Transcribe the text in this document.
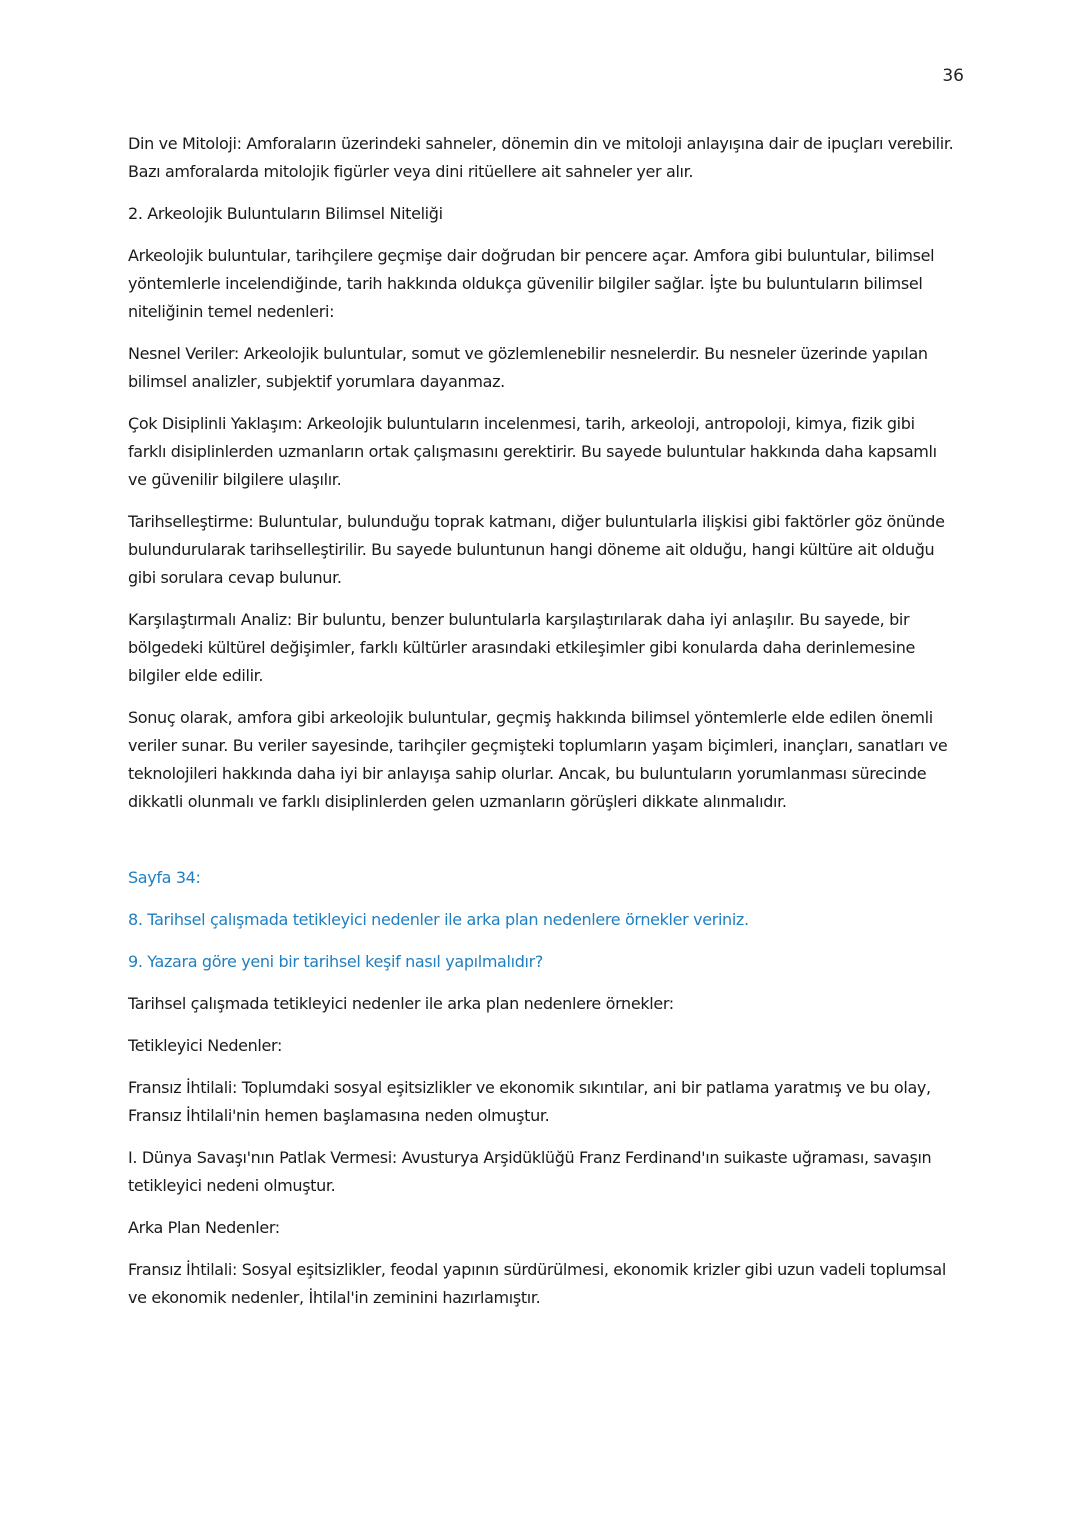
36

Din ve Mitoloji: Amforaların üzerindeki sahneler, dönemin din ve mitoloji anlayışına dair de ipuçları verebilir. Bazı amforalarda mitolojik figürler veya dini ritüellere ait sahneler yer alır.

2. Arkeolojik Buluntuların Bilimsel Niteliği

Arkeolojik buluntular, tarihçilere geçmişe dair doğrudan bir pencere açar. Amfora gibi buluntular, bilimsel yöntemlerle incelendiğinde, tarih hakkında oldukça güvenilir bilgiler sağlar. İşte bu buluntuların bilimsel niteliğinin temel nedenleri:

Nesnel Veriler: Arkeolojik buluntular, somut ve gözlemlenebilir nesnelerdir. Bu nesneler üzerinde yapılan bilimsel analizler, subjektif yorumlara dayanmaz.

Çok Disiplinli Yaklaşım: Arkeolojik buluntuların incelenmesi, tarih, arkeoloji, antropoloji, kimya, fizik gibi farklı disiplinlerden uzmanların ortak çalışmasını gerektirir. Bu sayede buluntular hakkında daha kapsamlı ve güvenilir bilgilere ulaşılır.

Tarihselleştirme: Buluntular, bulunduğu toprak katmanı, diğer buluntularla ilişkisi gibi faktörler göz önünde bulundurularak tarihselleştirilir. Bu sayede buluntunun hangi döneme ait olduğu, hangi kültüre ait olduğu gibi sorulara cevap bulunur.

Karşılaştırmalı Analiz: Bir buluntu, benzer buluntularla karşılaştırılarak daha iyi anlaşılır. Bu sayede, bir bölgedeki kültürel değişimler, farklı kültürler arasındaki etkileşimler gibi konularda daha derinlemesine bilgiler elde edilir.

Sonuç olarak, amfora gibi arkeolojik buluntular, geçmiş hakkında bilimsel yöntemlerle elde edilen önemli veriler sunar. Bu veriler sayesinde, tarihçiler geçmişteki toplumların yaşam biçimleri, inançları, sanatları ve teknolojileri hakkında daha iyi bir anlayışa sahip olurlar. Ancak, bu buluntuların yorumlanması sürecinde dikkatli olunmalı ve farklı disiplinlerden gelen uzmanların görüşleri dikkate alınmalıdır.

Sayfa 34:

8. Tarihsel çalışmada tetikleyici nedenler ile arka plan nedenlere örnekler veriniz.

9. Yazara göre yeni bir tarihsel keşif nasıl yapılmalıdır?

Tarihsel çalışmada tetikleyici nedenler ile arka plan nedenlere örnekler:

Tetikleyici Nedenler:

Fransız İhtilali: Toplumdaki sosyal eşitsizlikler ve ekonomik sıkıntılar, ani bir patlama yaratmış ve bu olay, Fransız İhtilali'nin hemen başlamasına neden olmuştur.

I. Dünya Savaşı'nın Patlak Vermesi: Avusturya Arşidüklüğü Franz Ferdinand'ın suikaste uğraması, savaşın tetikleyici nedeni olmuştur.

Arka Plan Nedenler:

Fransız İhtilali: Sosyal eşitsizlikler, feodal yapının sürdürülmesi, ekonomik krizler gibi uzun vadeli toplumsal ve ekonomik nedenler, İhtilal'in zeminini hazırlamıştır.
